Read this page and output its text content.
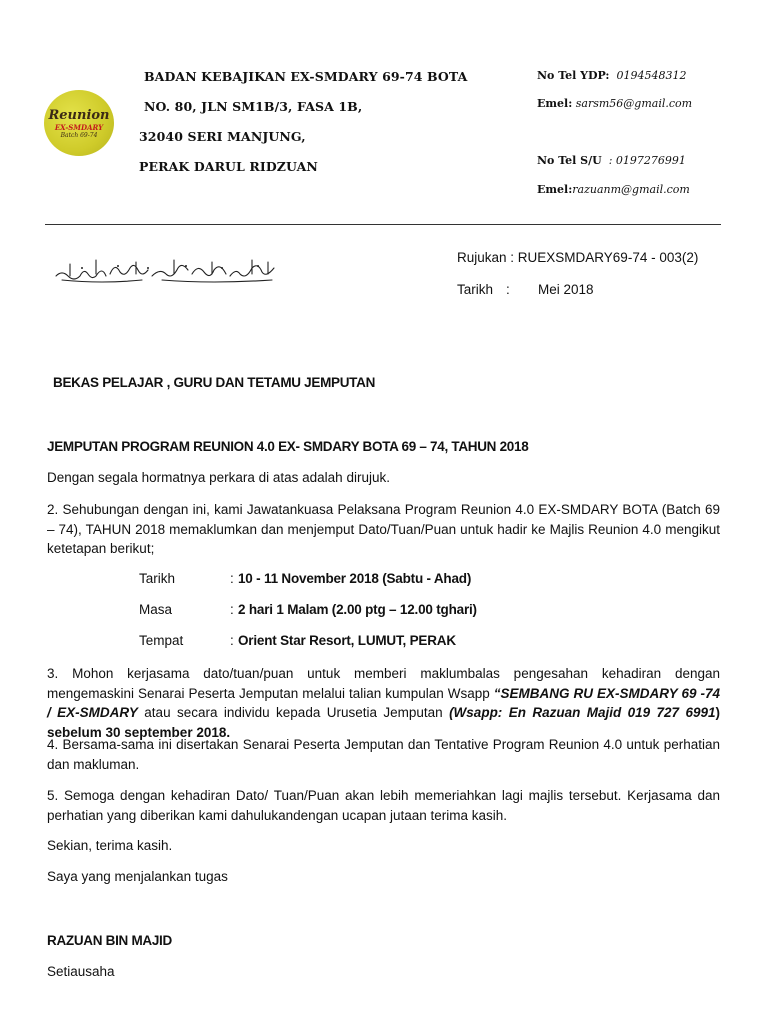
Reunion
EX-SMDARY
Batch 69-74
BADAN KEBAJIKAN EX-SMDARY 69-74 BOTA
NO. 80, JLN SM1B/3, FASA 1B,
32040 SERI MANJUNG,
PERAK DARUL RIDZUAN
No Tel YDP: 0194548312
Emel: sarsm56@gmail.com
No Tel S/U : 0197276991
Emel:razuanm@gmail.com
Rujukan : RUEXSMDARY69-74 - 003(2)
Tarikh : Mei 2018
BEKAS PELAJAR , GURU DAN TETAMU JEMPUTAN
JEMPUTAN PROGRAM REUNION 4.0 EX- SMDARY BOTA 69 – 74, TAHUN 2018
Dengan segala hormatnya perkara di atas adalah dirujuk.
2. Sehubungan dengan ini, kami Jawatankuasa Pelaksana Program Reunion 4.0 EX-SMDARY BOTA (Batch 69 – 74), TAHUN 2018 memaklumkan dan menjemput Dato/Tuan/Puan untuk hadir ke Majlis Reunion 4.0 mengikut ketetapan berikut;
Tarikh	: 10 - 11 November 2018 (Sabtu - Ahad)
Masa	: 2 hari 1 Malam (2.00 ptg – 12.00 tghari)
Tempat	: Orient Star Resort, LUMUT, PERAK
3. Mohon kerjasama dato/tuan/puan untuk memberi maklumbalas pengesahan kehadiran dengan mengemaskini Senarai Peserta Jemputan melalui talian kumpulan Wsapp “SEMBANG RU EX-SMDARY 69 -74 / EX-SMDARY atau secara individu kepada Urusetia Jemputan (Wsapp: En Razuan Majid 019 727 6991) sebelum 30 september 2018.
4. Bersama-sama ini disertakan Senarai Peserta Jemputan dan Tentative Program Reunion 4.0 untuk perhatian dan makluman.
5. Semoga dengan kehadiran Dato/ Tuan/Puan akan lebih memeriahkan lagi majlis tersebut. Kerjasama dan perhatian yang diberikan kami dahulukandengan ucapan jutaan terima kasih.
Sekian, terima kasih.
Saya yang menjalankan tugas
RAZUAN BIN MAJID
Setiausaha
